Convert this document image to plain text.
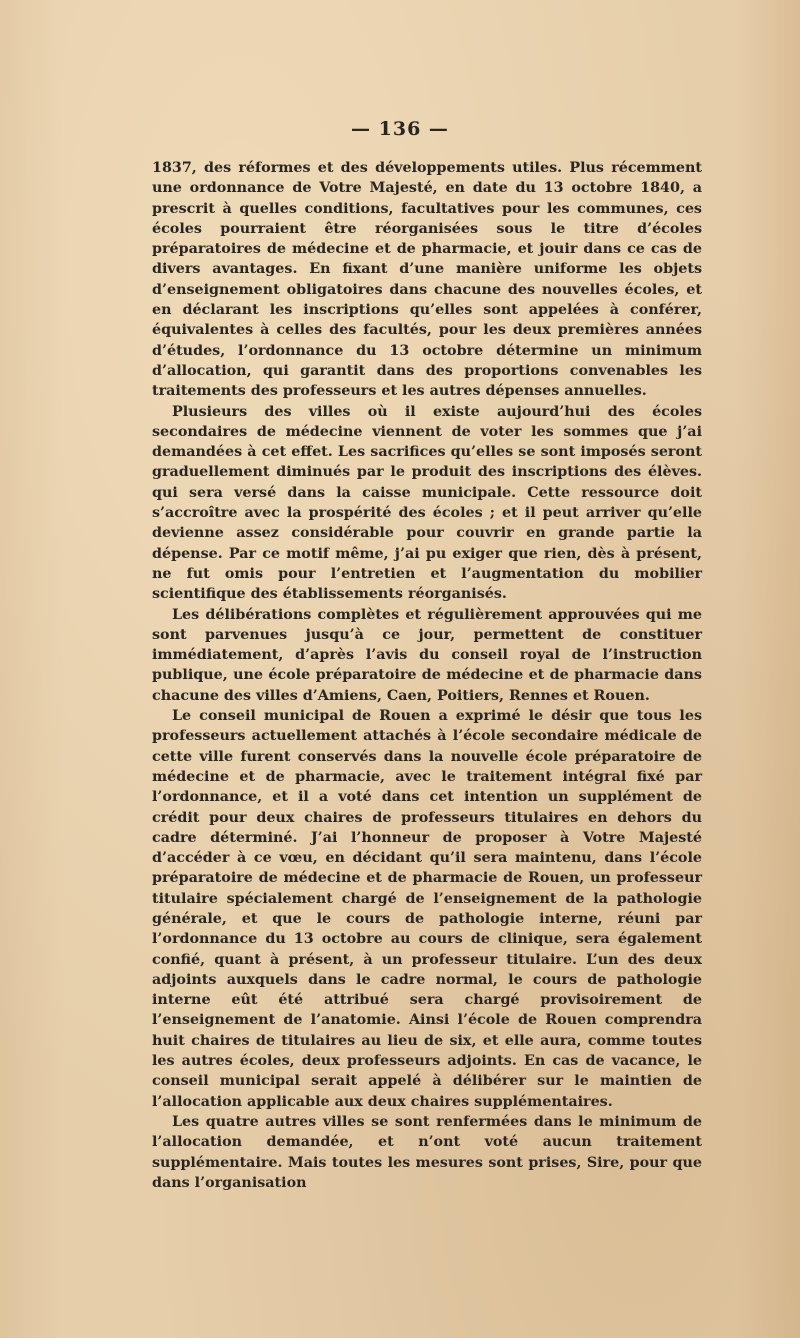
— 136 —

1837, des réformes et des développements utiles. Plus récemment une ordonnance de Votre Majesté, en date du 13 octobre 1840, a prescrit à quelles conditions, facultatives pour les communes, ces écoles pourraient être réorganisées sous le titre d’écoles préparatoires de médecine et de pharmacie, et jouir dans ce cas de divers avantages. En fixant d’une manière uniforme les objets d’enseignement obligatoires dans chacune des nouvelles écoles, et en déclarant les inscriptions qu’elles sont appelées à conférer, équivalentes à celles des facultés, pour les deux premières années d’études, l’ordonnance du 13 octobre détermine un minimum d’allocation, qui garantit dans des proportions convenables les traitements des professeurs et les autres dépenses annuelles.

Plusieurs des villes où il existe aujourd’hui des écoles secondaires de médecine viennent de voter les sommes que j’ai demandées à cet effet. Les sacrifices qu’elles se sont imposés seront graduellement diminués par le produit des inscriptions des élèves. qui sera versé dans la caisse municipale. Cette ressource doit s’accroître avec la prospérité des écoles ; et il peut arriver qu’elle devienne assez considérable pour couvrir en grande partie la dépense. Par ce motif même, j’ai pu exiger que rien, dès à présent, ne fut omis pour l’entretien et l’augmentation du mobilier scientifique des établissements réorganisés.

Les délibérations complètes et régulièrement approuvées qui me sont parvenues jusqu’à ce jour, permettent de constituer immédiatement, d’après l’avis du conseil royal de l’instruction publique, une école préparatoire de médecine et de pharmacie dans chacune des villes d’Amiens, Caen, Poitiers, Rennes et Rouen.

Le conseil municipal de Rouen a exprimé le désir que tous les professeurs actuellement attachés à l’école secondaire médicale de cette ville furent conservés dans la nouvelle école préparatoire de médecine et de pharmacie, avec le traitement intégral fixé par l’ordonnance, et il a voté dans cet intention un supplément de crédit pour deux chaires de professeurs titulaires en dehors du cadre déterminé. J’ai l’honneur de proposer à Votre Majesté d’accéder à ce vœu, en décidant qu’il sera maintenu, dans l’école préparatoire de médecine et de pharmacie de Rouen, un professeur titulaire spécialement chargé de l’enseignement de la pathologie générale, et que le cours de pathologie interne, réuni par l’ordonnance du 13 octobre au cours de clinique, sera également confié, quant à présent, à un professeur titulaire. L’un des deux adjoints auxquels dans le cadre normal, le cours de pathologie interne eût été attribué sera chargé provisoirement de l’enseignement de l’anatomie. Ainsi l’école de Rouen comprendra huit chaires de titulaires au lieu de six, et elle aura, comme toutes les autres écoles, deux professeurs adjoints. En cas de vacance, le conseil municipal serait appelé à délibérer sur le maintien de l’allocation applicable aux deux chaires supplémentaires.

Les quatre autres villes se sont renfermées dans le minimum de l’allocation demandée, et n’ont voté aucun traitement supplémentaire. Mais toutes les mesures sont prises, Sire, pour que dans l’organisation
